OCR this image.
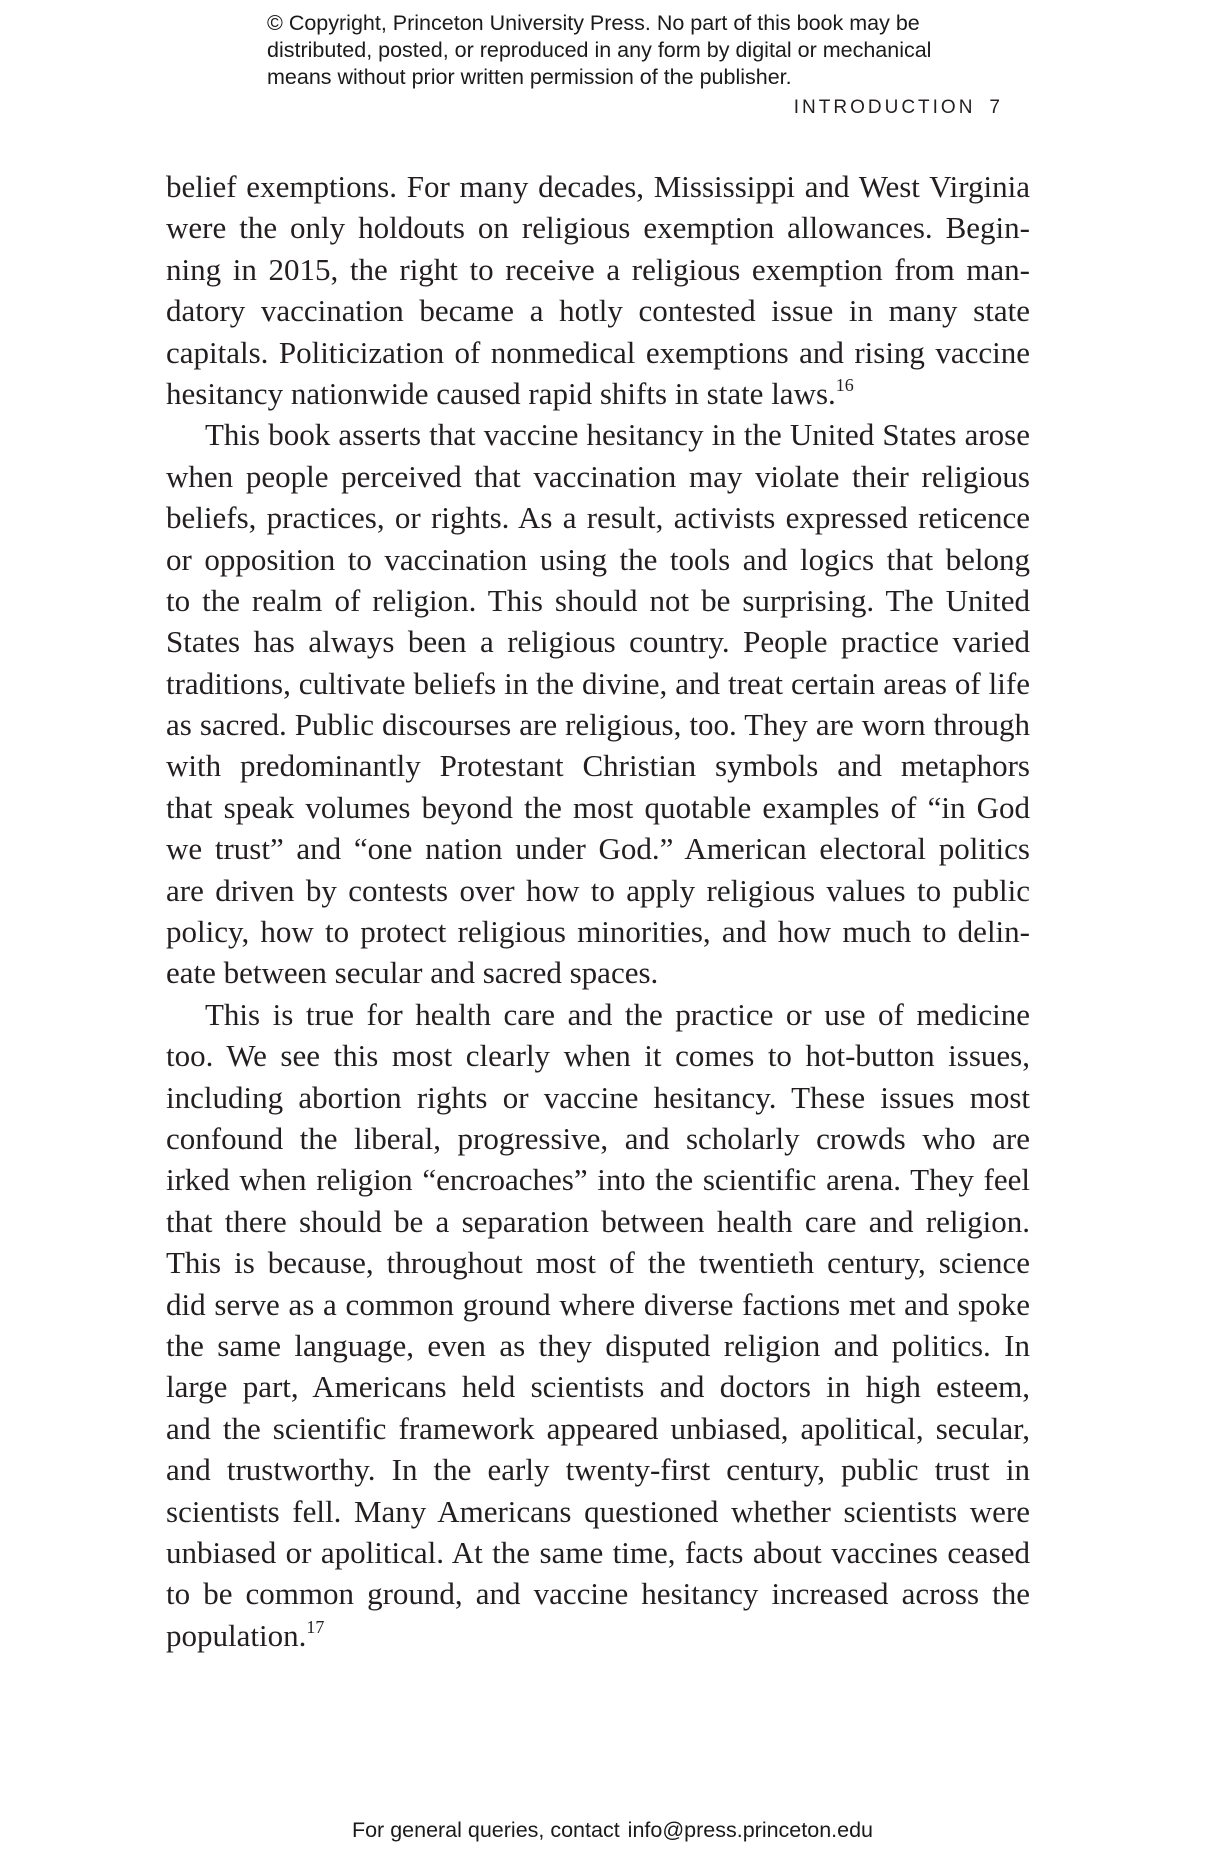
© Copyright, Princeton University Press. No part of this book may be
distributed, posted, or reproduced in any form by digital or mechanical
means without prior written permission of the publisher.
INTRODUCTION 7
belief exemptions. For many decades, Mississippi and West Virginia
were the only holdouts on religious exemption allowances. Begin-
ning in 2015, the right to receive a religious exemption from man-
datory vaccination became a hotly contested issue in many state
capitals. Politicization of nonmedical exemptions and rising vaccine
hesitancy nationwide caused rapid shifts in state laws.$^{16}$
This book asserts that vaccine hesitancy in the United States arose
when people perceived that vaccination may violate their religious
beliefs, practices, or rights. As a result, activists expressed reticence
or opposition to vaccination using the tools and logics that belong
to the realm of religion. This should not be surprising. The United
States has always been a religious country. People practice varied
traditions, cultivate beliefs in the divine, and treat certain areas of life
as sacred. Public discourses are religious, too. They are worn through
with predominantly Protestant Christian symbols and metaphors
that speak volumes beyond the most quotable examples of “in God
we trust” and “one nation under God.” American electoral politics
are driven by contests over how to apply religious values to public
policy, how to protect religious minorities, and how much to delin-
eate between secular and sacred spaces.
This is true for health care and the practice or use of medicine
too. We see this most clearly when it comes to hot-button issues,
including abortion rights or vaccine hesitancy. These issues most
confound the liberal, progressive, and scholarly crowds who are
irked when religion “encroaches” into the scientific arena. They feel
that there should be a separation between health care and religion.
This is because, throughout most of the twentieth century, science
did serve as a common ground where diverse factions met and spoke
the same language, even as they disputed religion and politics. In
large part, Americans held scientists and doctors in high esteem,
and the scientific framework appeared unbiased, apolitical, secular,
and trustworthy. In the early twenty-first century, public trust in
scientists fell. Many Americans questioned whether scientists were
unbiased or apolitical. At the same time, facts about vaccines ceased
to be common ground, and vaccine hesitancy increased across the
population.$^{17}$
For general queries, contact info@press.princeton.edu
